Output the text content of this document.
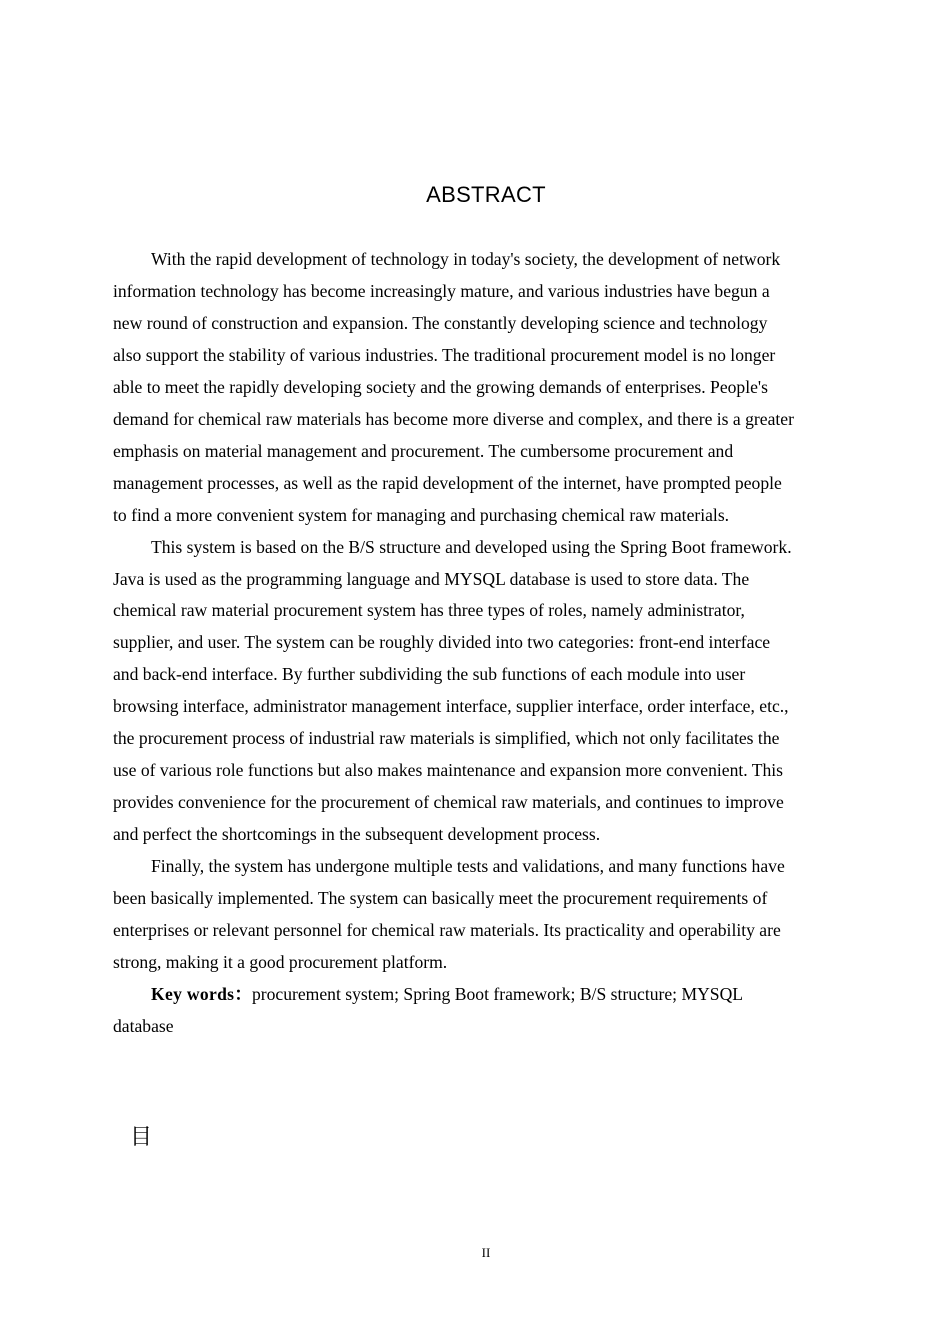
ABSTRACT

With the rapid development of technology in today's society, the development of network
information technology has become increasingly mature, and various industries have begun a
new round of construction and expansion. The constantly developing science and technology
also support the stability of various industries. The traditional procurement model is no longer
able to meet the rapidly developing society and the growing demands of enterprises. People's
demand for chemical raw materials has become more diverse and complex, and there is a greater
emphasis on material management and procurement. The cumbersome procurement and
management processes, as well as the rapid development of the internet, have prompted people
to find a more convenient system for managing and purchasing chemical raw materials.

This system is based on the B/S structure and developed using the Spring Boot framework.
Java is used as the programming language and MYSQL database is used to store data. The
chemical raw material procurement system has three types of roles, namely administrator,
supplier, and user. The system can be roughly divided into two categories: front-end interface
and back-end interface. By further subdividing the sub functions of each module into user
browsing interface, administrator management interface, supplier interface, order interface, etc.,
the procurement process of industrial raw materials is simplified, which not only facilitates the
use of various role functions but also makes maintenance and expansion more convenient. This
provides convenience for the procurement of chemical raw materials, and continues to improve
and perfect the shortcomings in the subsequent development process.

Finally, the system has undergone multiple tests and validations, and many functions have
been basically implemented. The system can basically meet the procurement requirements of
enterprises or relevant personnel for chemical raw materials. Its practicality and operability are
strong, making it a good procurement platform.

Key words：procurement system; Spring Boot framework; B/S structure; MYSQL
database

目
II
